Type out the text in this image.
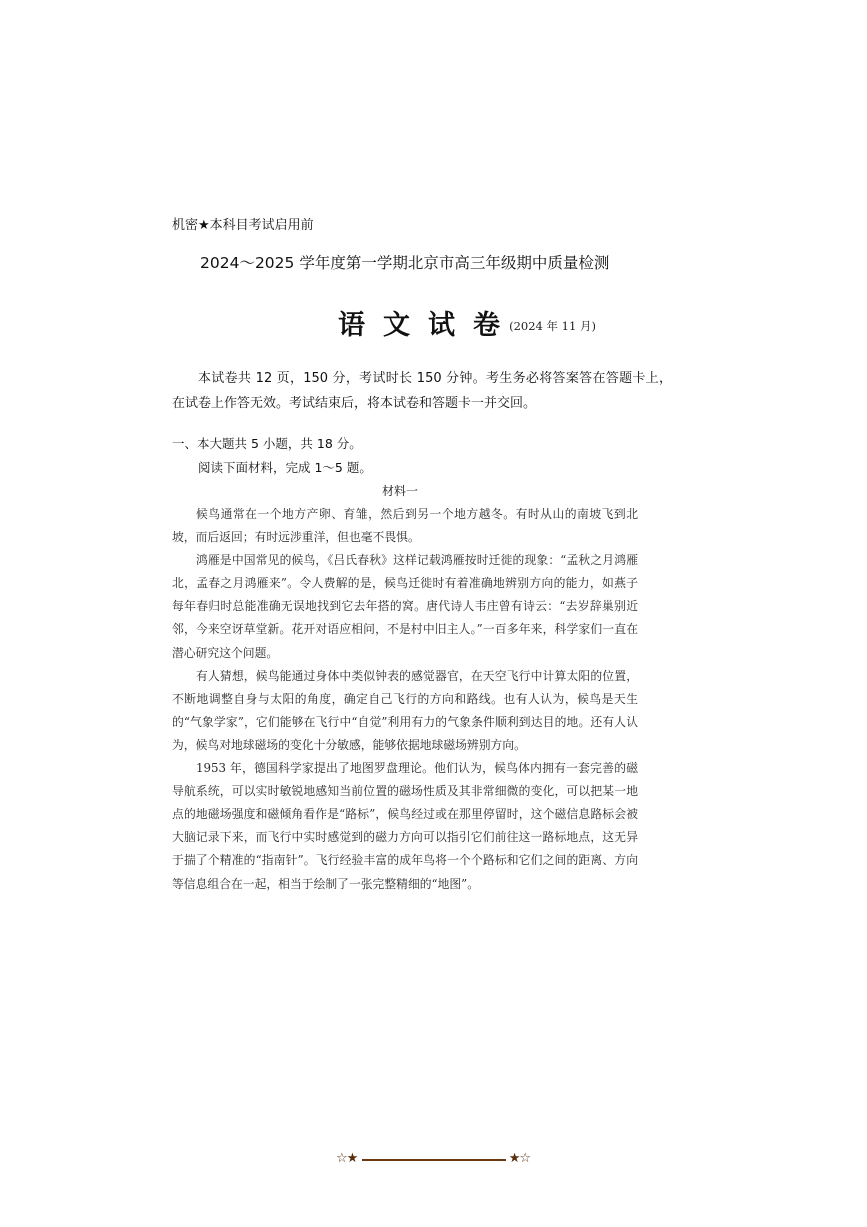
机密★本科目考试启用前
2024～2025 学年度第一学期北京市高三年级期中质量检测
语文试卷 $^{(2024 年 11 月)}$
本试卷共 12 页，150 分，考试时长 150 分钟。考生务必将答案答在答题卡上，在试卷上作答无效。考试结束后，将本试卷和答题卡一并交回。
一、本大题共 5 小题，共 18 分。
阅读下面材料，完成 1～5 题。
材料一

候鸟通常在一个地方产卵、育雏，然后到另一个地方越冬。有时从山的南坡飞到北坡，而后返回；有时远涉重洋，但也毫不畏惧。

鸿雁是中国常见的候鸟，《吕氏春秋》这样记载鸿雁按时迁徙的现象：“孟秋之月鸿雁北，孟春之月鸿雁来”。令人费解的是，候鸟迁徙时有着准确地辨别方向的能力，如燕子每年春归时总能准确无误地找到它去年搭的窝。唐代诗人韦庄曾有诗云：“去岁辞巢别近邻，今来空讶草堂新。花开对语应相问，不是村中旧主人。”一百多年来，科学家们一直在潜心研究这个问题。

有人猜想，候鸟能通过身体中类似钟表的感觉器官，在天空飞行中计算太阳的位置，不断地调整自身与太阳的角度，确定自己飞行的方向和路线。也有人认为，候鸟是天生的“气象学家”，它们能够在飞行中“自觉”利用有力的气象条件顺利到达目的地。还有人认为，候鸟对地球磁场的变化十分敏感，能够依据地球磁场辨别方向。

1953 年，德国科学家提出了地图罗盘理论。他们认为，候鸟体内拥有一套完善的磁导航系统，可以实时敏锐地感知当前位置的磁场性质及其非常细微的变化，可以把某一地点的地磁场强度和磁倾角看作是“路标”，候鸟经过或在那里停留时，这个磁信息路标会被大脑记录下来，而飞行中实时感觉到的磁力方向可以指引它们前往这一路标地点，这无异于揣了个精准的“指南针”。飞行经验丰富的成年鸟将一个个路标和它们之间的距离、方向等信息组合在一起，相当于绘制了一张完整精细的“地图”。

☆★	★☆
